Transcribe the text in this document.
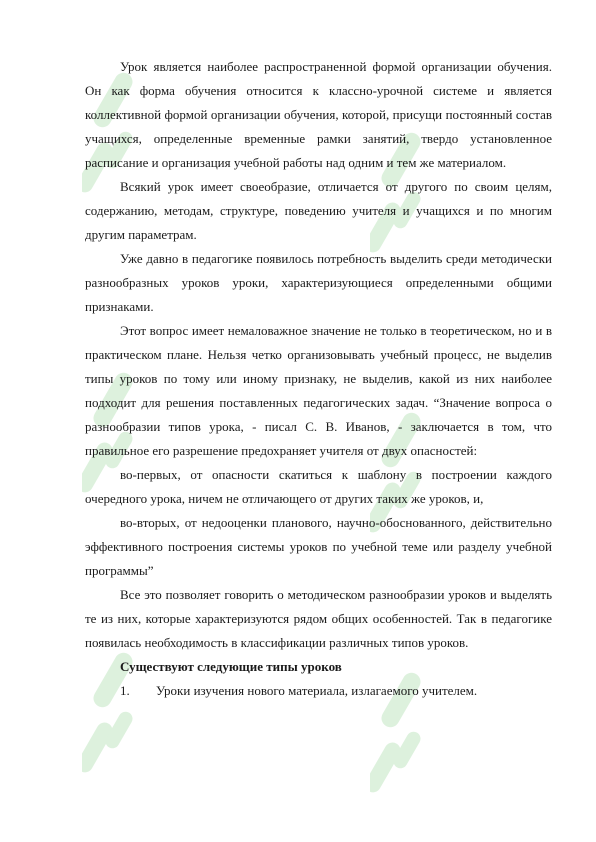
Урок является наиболее распространенной формой организации обучения. Он как форма обучения относится к классно-урочной системе и является коллективной формой организации обучения, которой, присущи постоянный состав учащихся, определенные временные рамки занятий, твердо установленное расписание и организация учебной работы над одним и тем же материалом.

Всякий урок имеет своеобразие, отличается от другого по своим целям, содержанию, методам, структуре, поведению учителя и учащихся и по многим другим параметрам.

Уже давно в педагогике появилось потребность выделить среди методически разнообразных уроков уроки, характеризующиеся определенными общими признаками.

Этот вопрос имеет немаловажное значение не только в теоретическом, но и в практическом плане. Нельзя четко организовывать учебный процесс, не выделив типы уроков по тому или иному признаку, не выделив, какой из них наиболее подходит для решения поставленных педагогических задач. “Значение вопроса о разнообразии типов урока, - писал С. В. Иванов, - заключается в том, что правильное его разрешение предохраняет учителя от двух опасностей:

во-первых, от опасности скатиться к шаблону в построении каждого очередного урока, ничем не отличающего от других таких же уроков, и,

во-вторых, от недооценки планового, научно-обоснованного, действительно эффективного построения системы уроков по учебной теме или разделу учебной программы”

Все это позволяет говорить о методическом разнообразии уроков и выделять те из них, которые характеризуются рядом общих особенностей. Так в педагогике появилась необходимость в классификации различных типов уроков.

Существуют следующие типы уроков

1. Уроки изучения нового материала, излагаемого учителем.
